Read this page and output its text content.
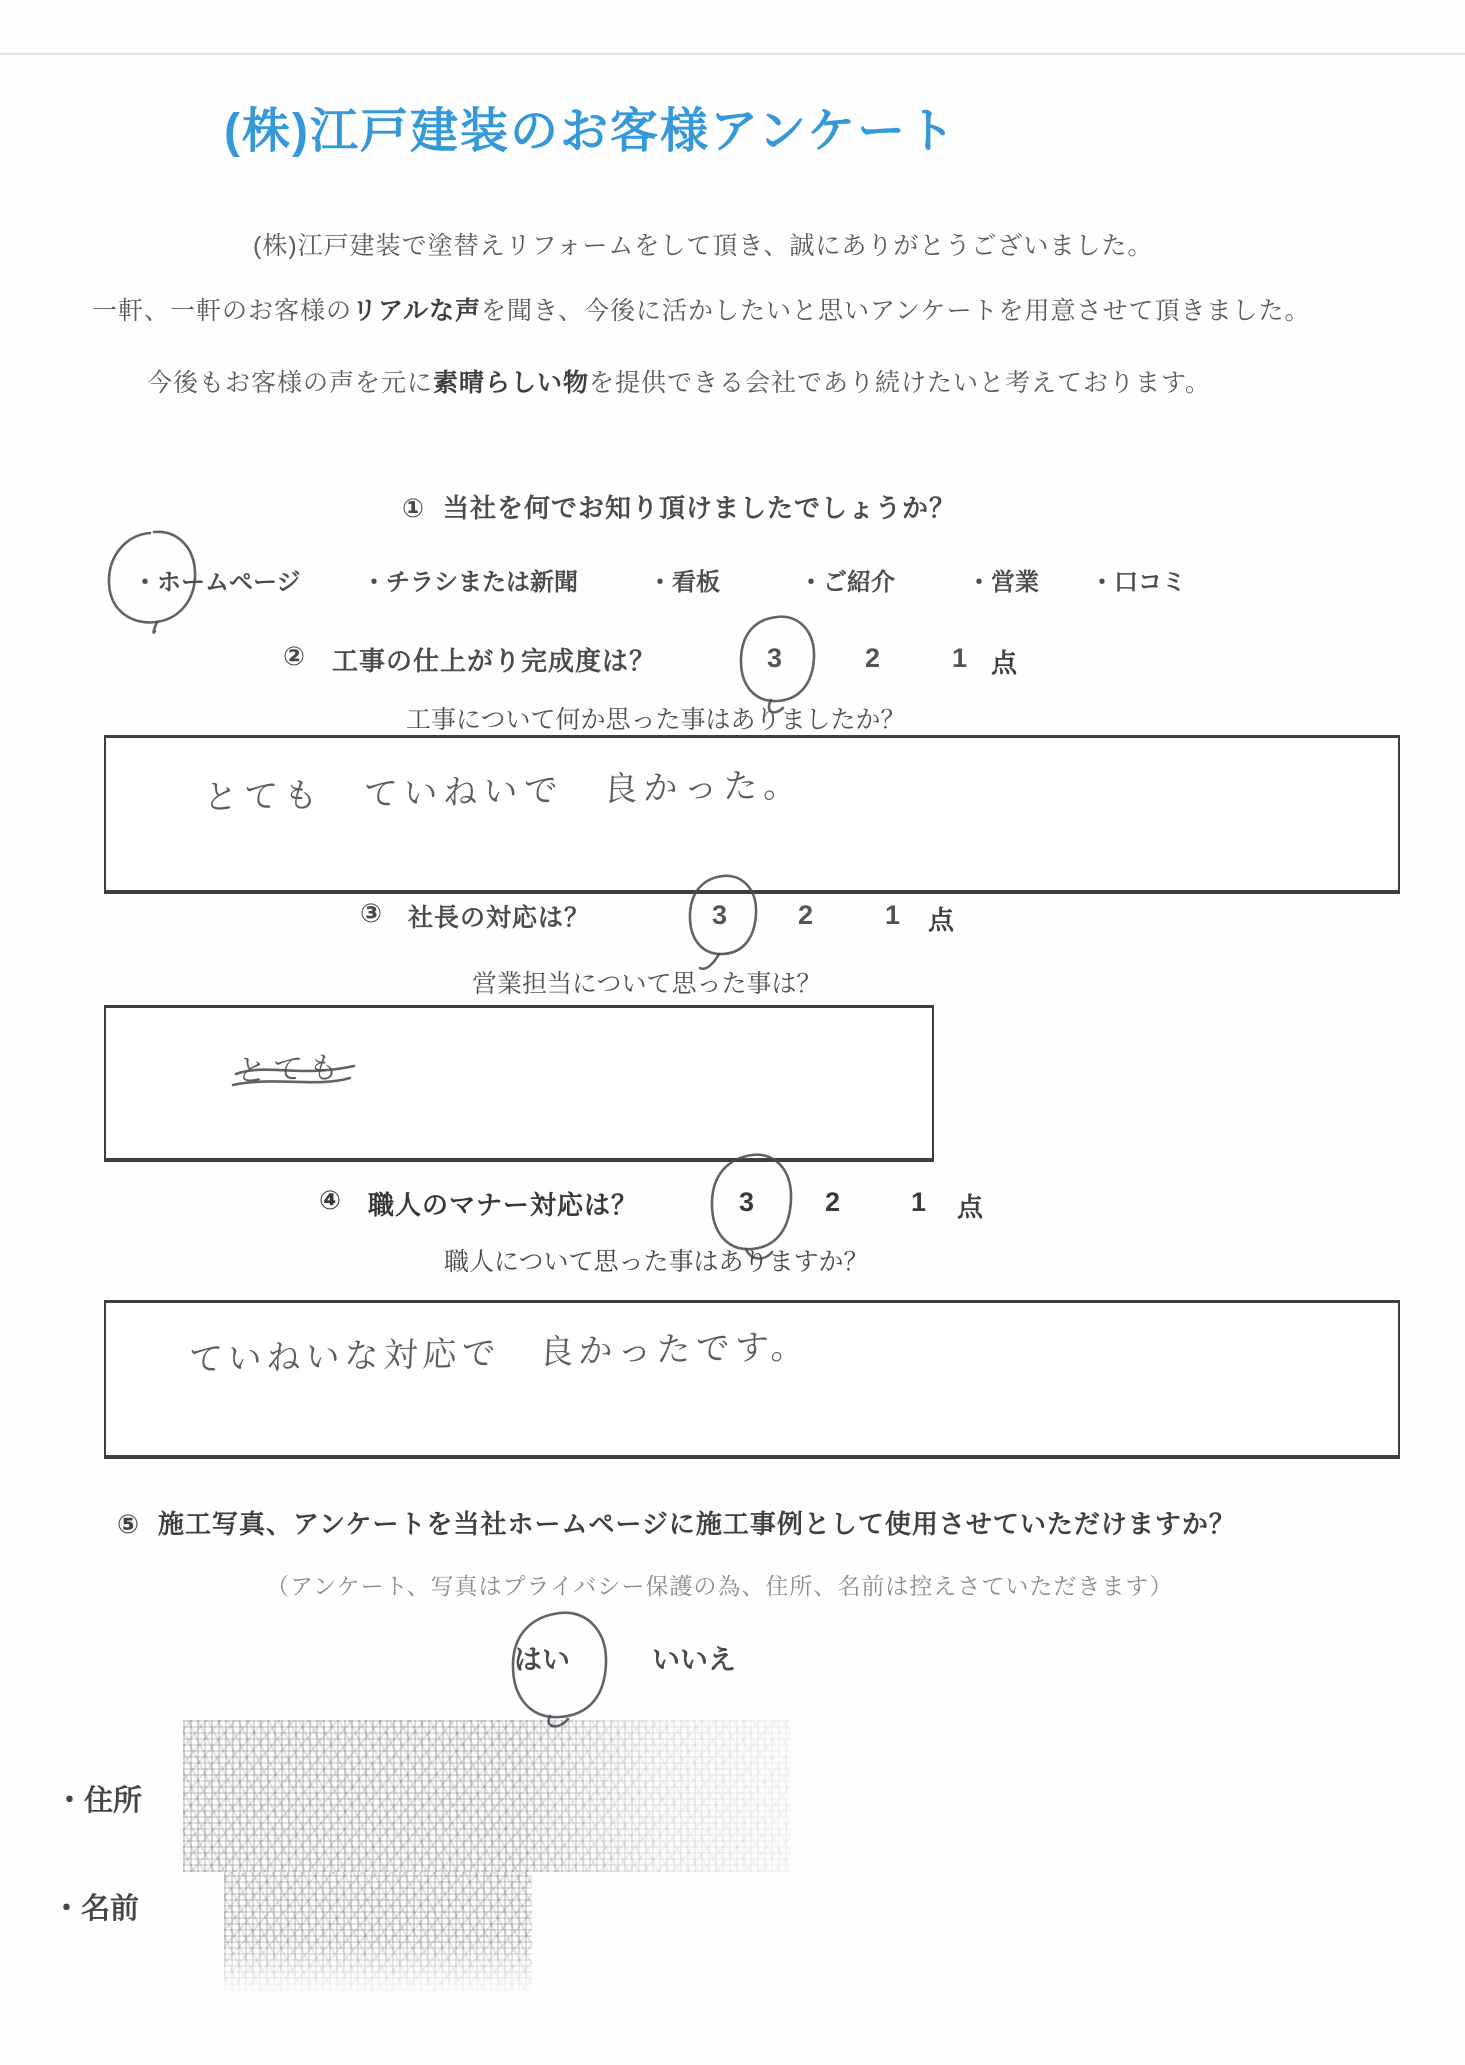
(株)江戸建装のお客様アンケート
(株)江戸建装で塗替えリフォームをして頂き、誠にありがとうございました。
一軒、一軒のお客様のリアルな声を聞き、今後に活かしたいと思いアンケートを用意させて頂きました。
今後もお客様の声を元に素晴らしい物を提供できる会社であり続けたいと考えております。
① 当社を何でお知り頂けましたでしょうか？
・ホームページ	・チラシまたは新聞	・看板	・ご紹介	・営業 ・口コミ
② 工事の仕上がり完成度は？	3	2	1 点
工事について何か思った事はありましたか？
とても　ていねいで　良かった。
③ 社長の対応は？	3	2	1 点
営業担当について思った事は？
とても
④ 職人のマナー対応は？	3	2	1 点
職人について思った事はありますか？
ていねいな対応で　良かったです。
⑤ 施工写真、アンケートを当社ホームページに施工事例として使用させていただけますか？
（アンケート、写真はプライバシー保護の為、住所、名前は控えさていただきます）
はい	いいえ
・住所
・名前
